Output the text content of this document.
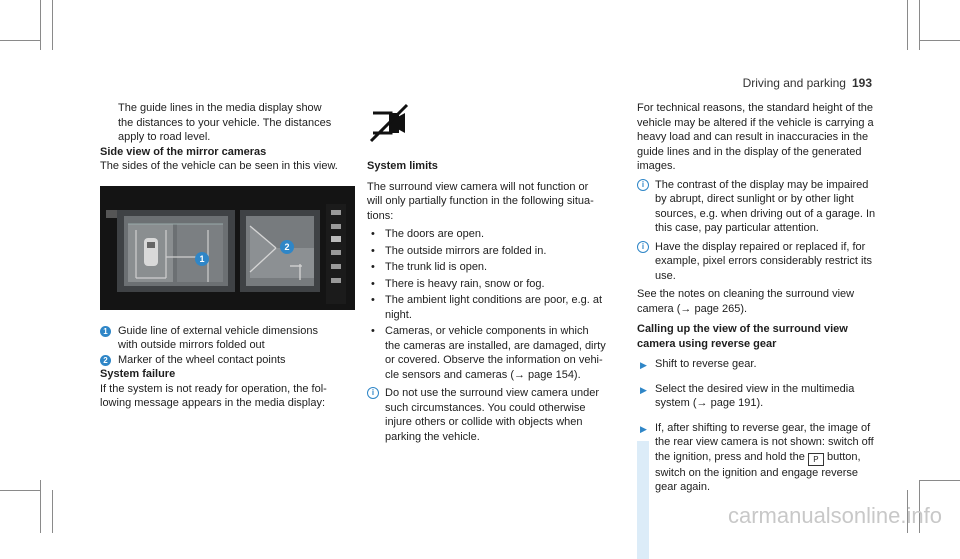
Driving and parking 193

The guide lines in the media display show

the distances to your vehicle. The distances

apply to road level.

Side view of the mirror cameras

The sides of the vehicle can be seen in this view.

1
2
1 Guide line of external vehicle dimensions

with outside mirrors folded out

2 Marker of the wheel contact points

System failure

If the system is not ready for operation, the fol-

lowing message appears in the media display:

System limits

The surround view camera will not function or

will only partially function in the following situa-

tions:

• The doors are open.

• The outside mirrors are folded in.

• The trunk lid is open.

• There is heavy rain, snow or fog.

• The ambient light conditions are poor, e.g. at

night.

• Cameras, or vehicle components in which

the cameras are installed, are damaged, dirty

or covered. Observe the information on vehi-

cle sensors and cameras (→ page 154).

i Do not use the surround view camera under

such circumstances. You could otherwise

injure others or collide with objects when

parking the vehicle.

For technical reasons, the standard height of the

vehicle may be altered if the vehicle is carrying a

heavy load and can result in inaccuracies in the

guide lines and in the display of the generated

images.

i The contrast of the display may be impaired

by abrupt, direct sunlight or by other light

sources, e.g. when driving out of a garage. In

this case, pay particular attention.

i Have the display repaired or replaced if, for

example, pixel errors considerably restrict its

use.

See the notes on cleaning the surround view

camera (→ page 265).

Calling up the view of the surround view

camera using reverse gear

▶ Shift to reverse gear.

▶ Select the desired view in the multimedia

system (→ page 191).

▶ If, after shifting to reverse gear, the image of

the rear view camera is not shown: switch off

the ignition, press and hold the P button,

switch on the ignition and engage reverse

gear again.

carmanualsonline.info
